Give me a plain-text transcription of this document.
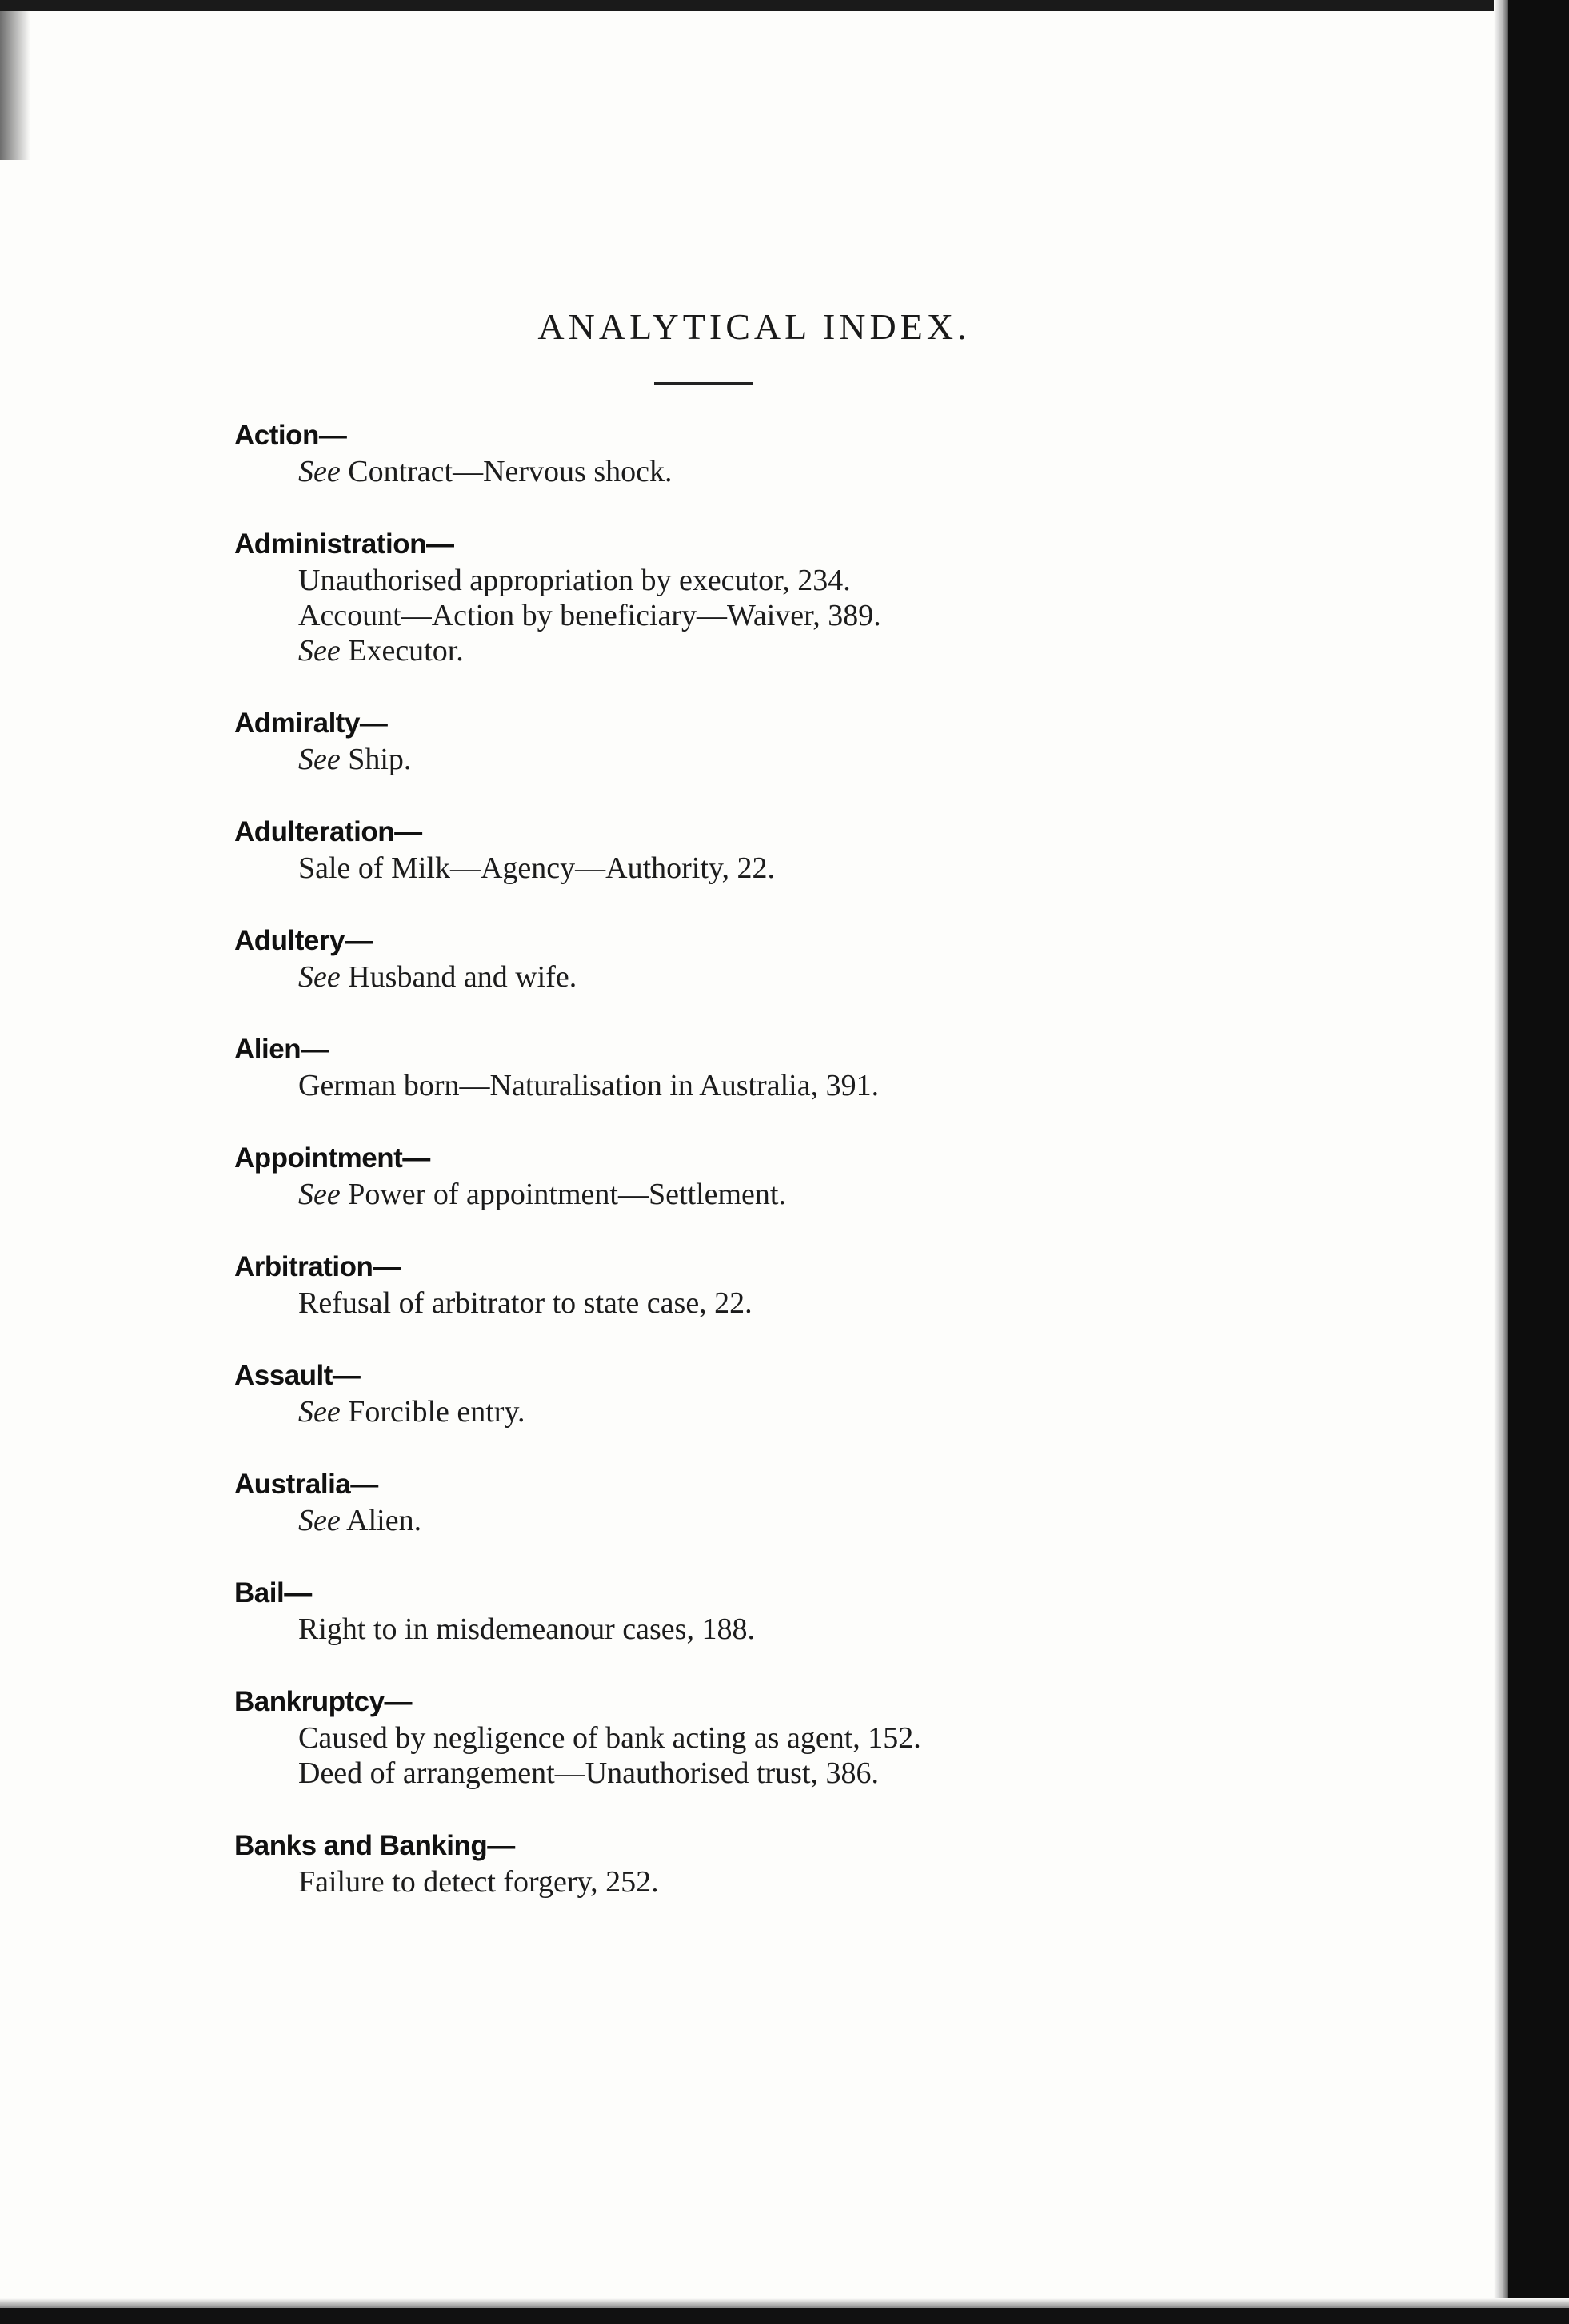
ANALYTICAL INDEX.
Action—
See Contract—Nervous shock.
Administration—
Unauthorised appropriation by executor, 234.
Account—Action by beneficiary—Waiver, 389.
See Executor.
Admiralty—
See Ship.
Adulteration—
Sale of Milk—Agency—Authority, 22.
Adultery—
See Husband and wife.
Alien—
German born—Naturalisation in Australia, 391.
Appointment—
See Power of appointment—Settlement.
Arbitration—
Refusal of arbitrator to state case, 22.
Assault—
See Forcible entry.
Australia—
See Alien.
Bail—
Right to in misdemeanour cases, 188.
Bankruptcy—
Caused by negligence of bank acting as agent, 152.
Deed of arrangement—Unauthorised trust, 386.
Banks and Banking—
Failure to detect forgery, 252.
